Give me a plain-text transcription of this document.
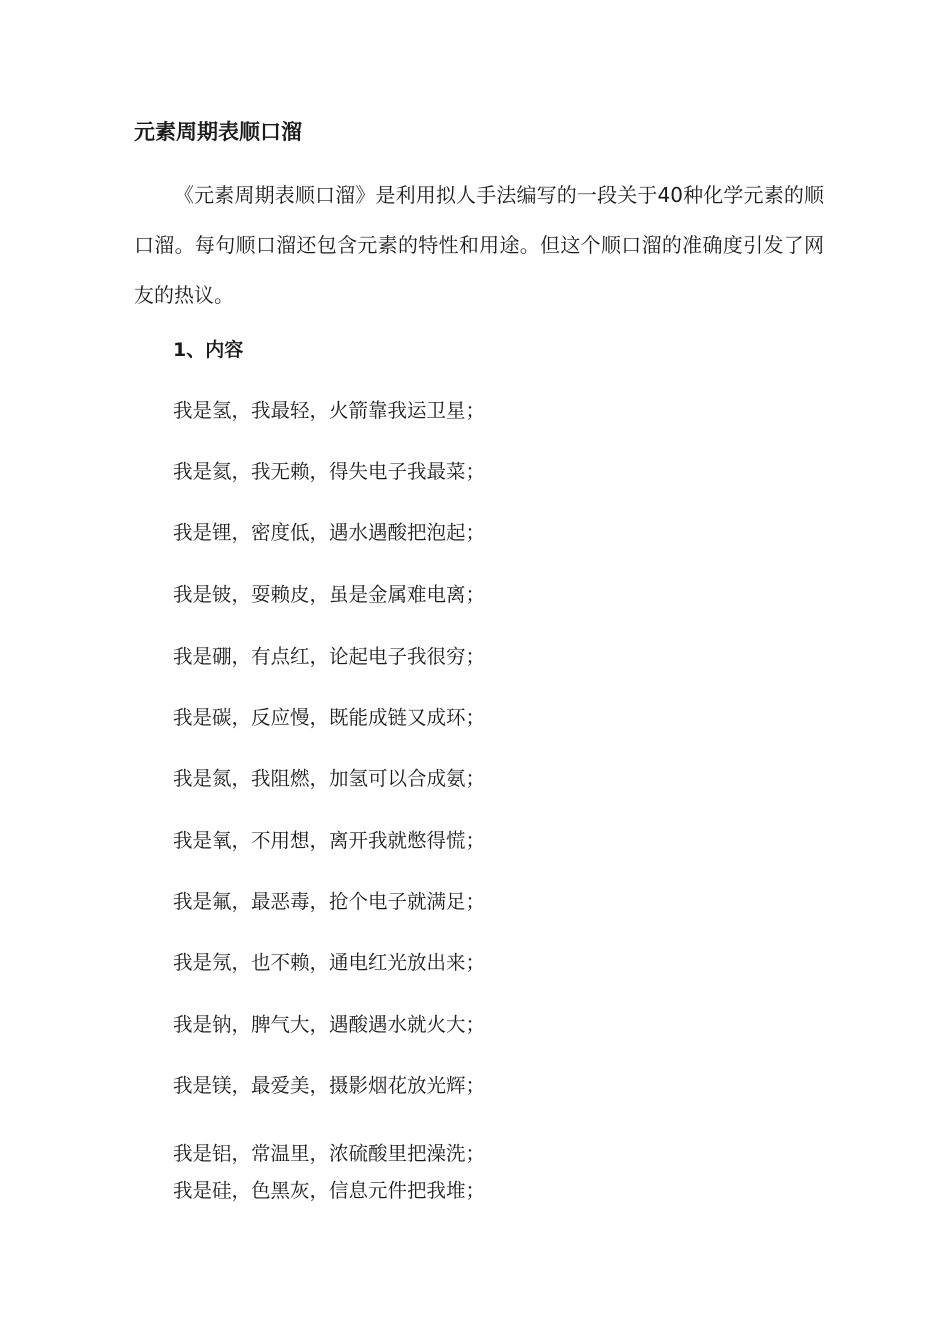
元素周期表顺口溜

《元素周期表顺口溜》是利用拟人手法编写的一段关于40种化学元素的顺口溜。每句顺口溜还包含元素的特性和用途。但这个顺口溜的准确度引发了网友的热议。

1、内容

我是氢，我最轻，火箭靠我运卫星；

我是氦，我无赖，得失电子我最菜；

我是锂，密度低，遇水遇酸把泡起；

我是铍，耍赖皮，虽是金属难电离；

我是硼，有点红，论起电子我很穷；

我是碳，反应慢，既能成链又成环；

我是氮，我阻燃，加氢可以合成氨；

我是氧，不用想，离开我就憋得慌；

我是氟，最恶毒，抢个电子就满足；

我是氖，也不赖，通电红光放出来；

我是钠，脾气大，遇酸遇水就火大；

我是镁，最爱美，摄影烟花放光辉；

我是铝，常温里，浓硫酸里把澡洗；

我是硅，色黑灰，信息元件把我堆；
